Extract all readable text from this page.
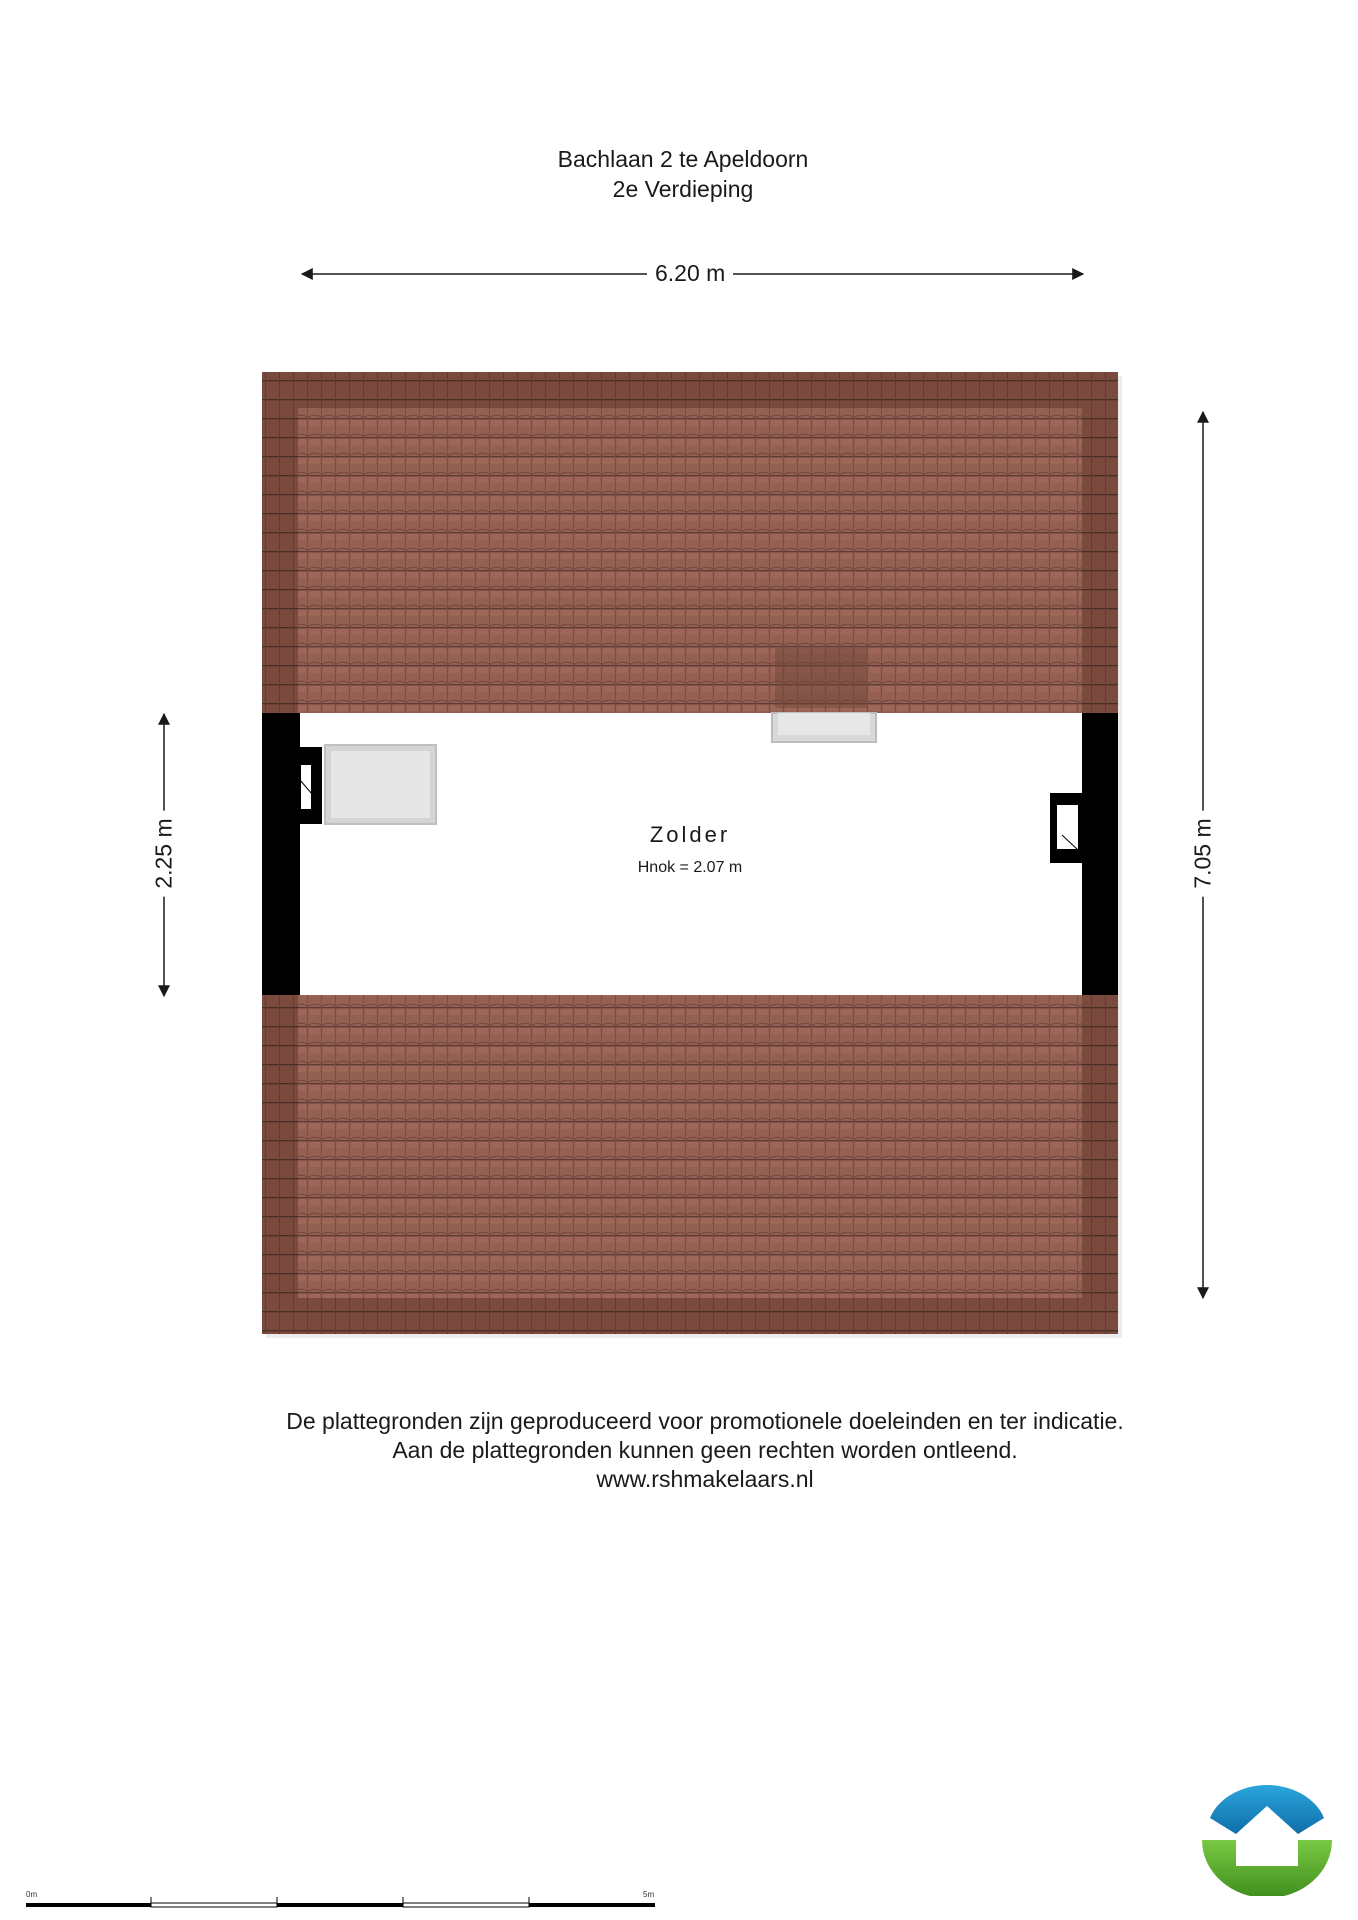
Bachlaan 2 te Apeldoorn
2e Verdieping
6.20 m
7.05 m
2.25 m	Zolder
Hnok = 2.07 m
De plattegronden zijn geproduceerd voor promotionele doeleinden en ter indicatie.
Aan de plattegronden kunnen geen rechten worden ontleend.
www.rshmakelaars.nl
0m	5m
